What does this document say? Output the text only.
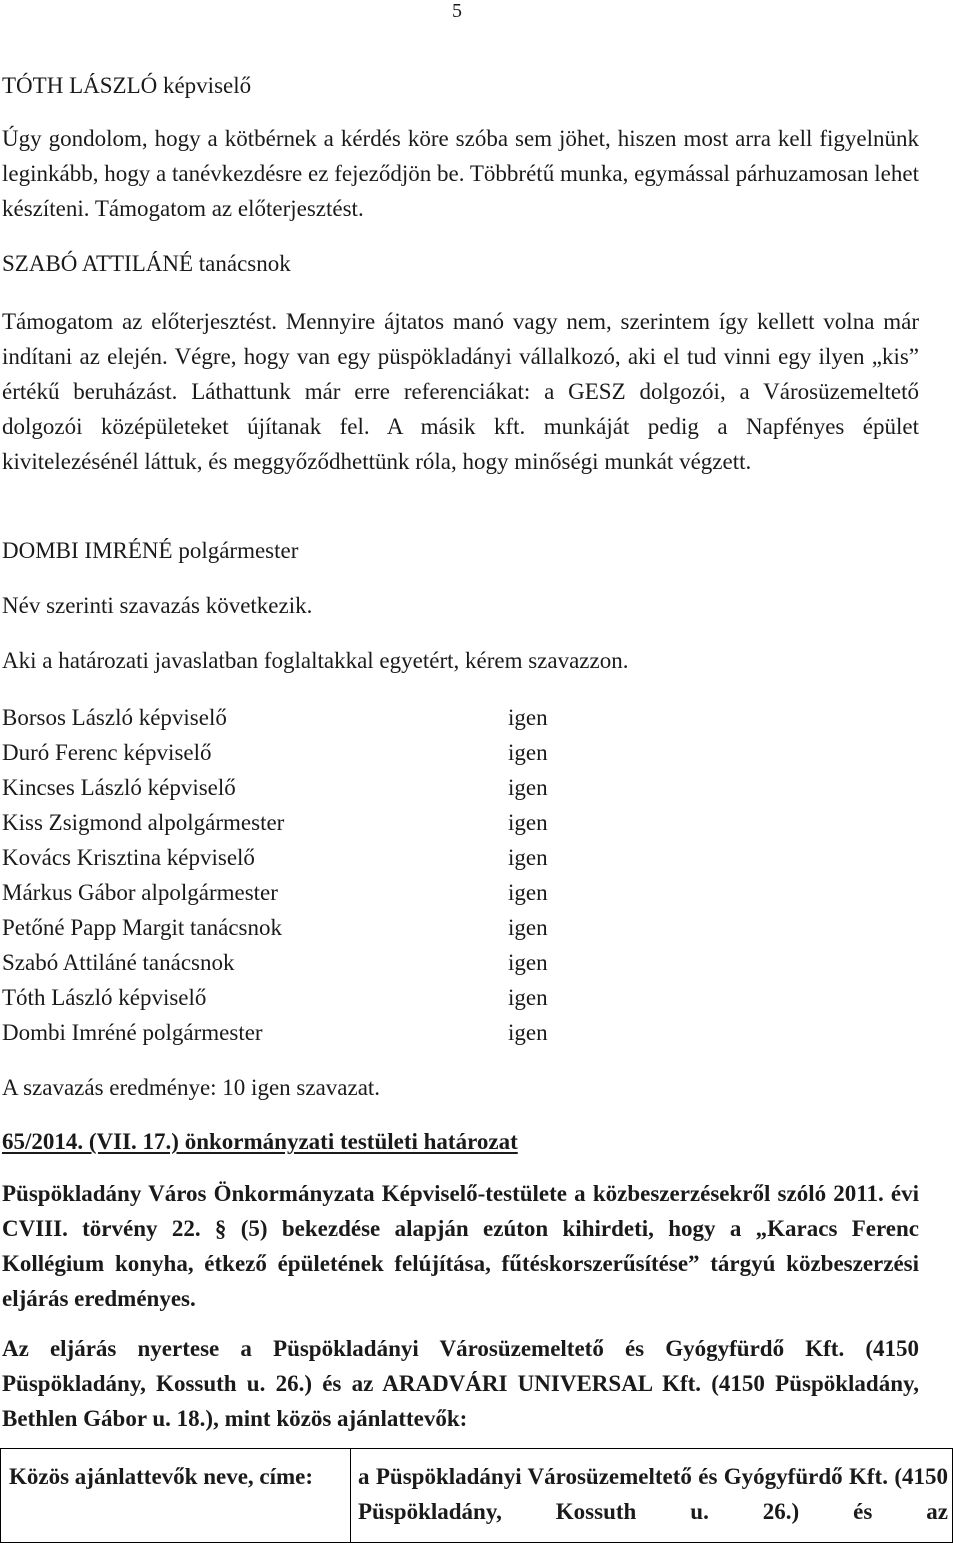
5

TÓTH LÁSZLÓ képviselő

Úgy gondolom, hogy a kötbérnek a kérdés köre szóba sem jöhet, hiszen most arra kell figyelnünk leginkább, hogy a tanévkezdésre ez fejeződjön be. Többrétű munka, egymással párhuzamosan lehet készíteni. Támogatom az előterjesztést.

SZABÓ ATTILÁNÉ tanácsnok

Támogatom az előterjesztést. Mennyire ájtatos manó vagy nem, szerintem így kellett volna már indítani az elején. Végre, hogy van egy püspökladányi vállalkozó, aki el tud vinni egy ilyen „kis” értékű beruházást. Láthattunk már erre referenciákat: a GESZ dolgozói, a Városüzemeltető dolgozói középületeket újítanak fel. A másik kft. munkáját pedig a Napfényes épület kivitelezésénél láttuk, és meggyőződhettünk róla, hogy minőségi munkát végzett.

DOMBI IMRÉNÉ polgármester

Név szerinti szavazás következik.

Aki a határozati javaslatban foglaltakkal egyetért, kérem szavazzon.

Borsos László képviselő	igen
Duró Ferenc képviselő	igen
Kincses László képviselő	igen
Kiss Zsigmond alpolgármester	igen
Kovács Krisztina képviselő	igen
Márkus Gábor alpolgármester	igen
Petőné Papp Margit tanácsnok	igen
Szabó Attiláné tanácsnok	igen
Tóth László képviselő	igen
Dombi Imréné polgármester	igen

A szavazás eredménye: 10 igen szavazat.

65/2014. (VII. 17.) önkormányzati testületi határozat

Püspökladány Város Önkormányzata Képviselő-testülete a közbeszerzésekről szóló 2011. évi CVIII. törvény 22. § (5) bekezdése alapján ezúton kihirdeti, hogy a „Karacs Ferenc Kollégium konyha, étkező épületének felújítása, fűtéskorszerűsítése” tárgyú közbeszerzési eljárás eredményes.

Az eljárás nyertese a Püspökladányi Városüzemeltető és Gyógyfürdő Kft. (4150 Püspökladány, Kossuth u. 26.) és az ARADVÁRI UNIVERSAL Kft. (4150 Püspökladány, Bethlen Gábor u. 18.), mint közös ajánlattevők:

Közös ajánlattevők neve, címe:	a Püspökladányi Városüzemeltető és Gyógyfürdő Kft. (4150 Püspökladány, Kossuth u. 26.) és az
